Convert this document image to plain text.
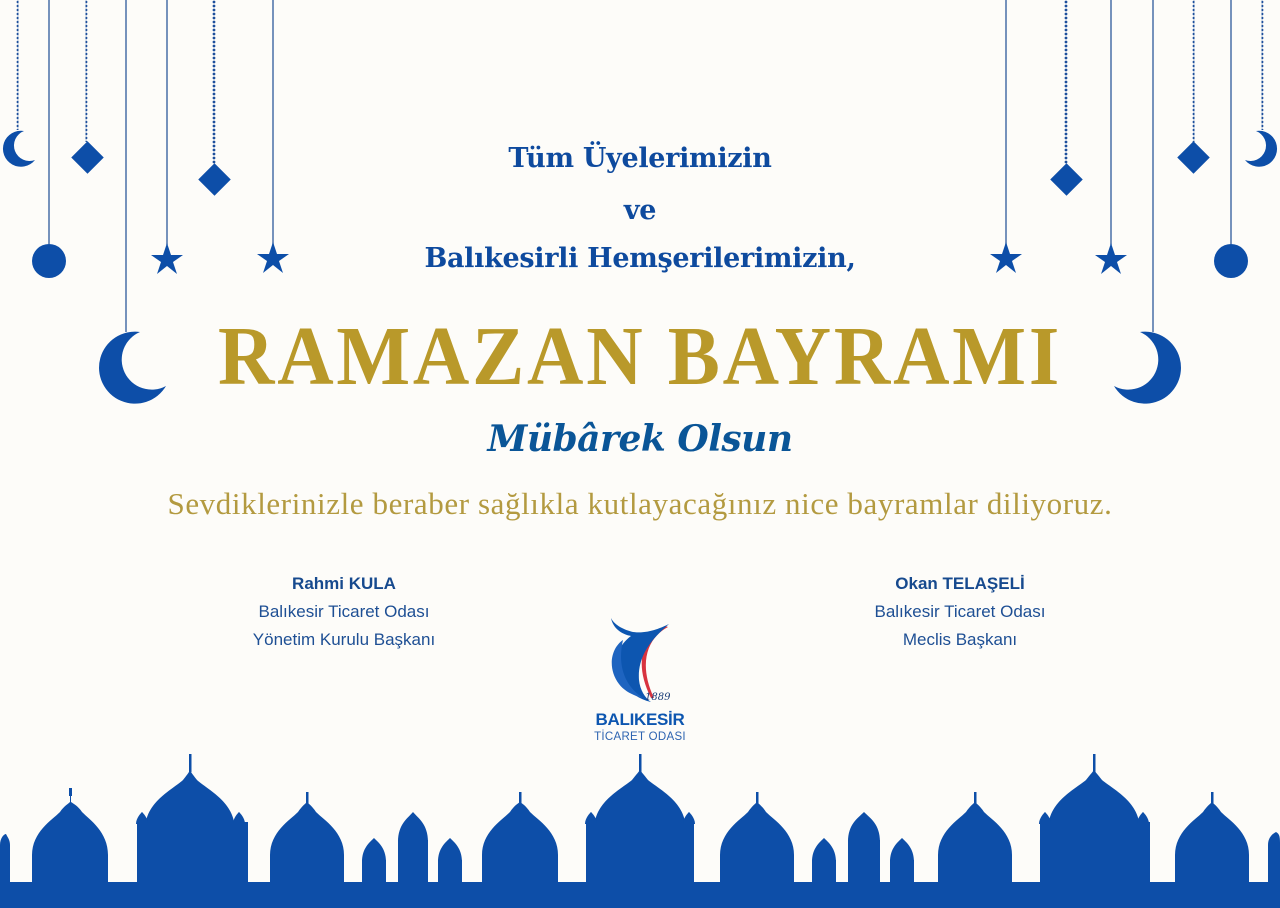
Tüm Üyelerimizin
ve
Balıkesirli Hemşerilerimizin,
RAMAZAN BAYRAMI
Mübârek Olsun
Sevdiklerinizle beraber sağlıkla kutlayacağınız nice bayramlar diliyoruz.
Rahmi KULA
Balıkesir Ticaret Odası
Yönetim Kurulu Başkanı
Okan TELAŞELİ
Balıkesir Ticaret Odası
Meclis Başkanı
1889
BALIKESİR
TİCARET ODASI
